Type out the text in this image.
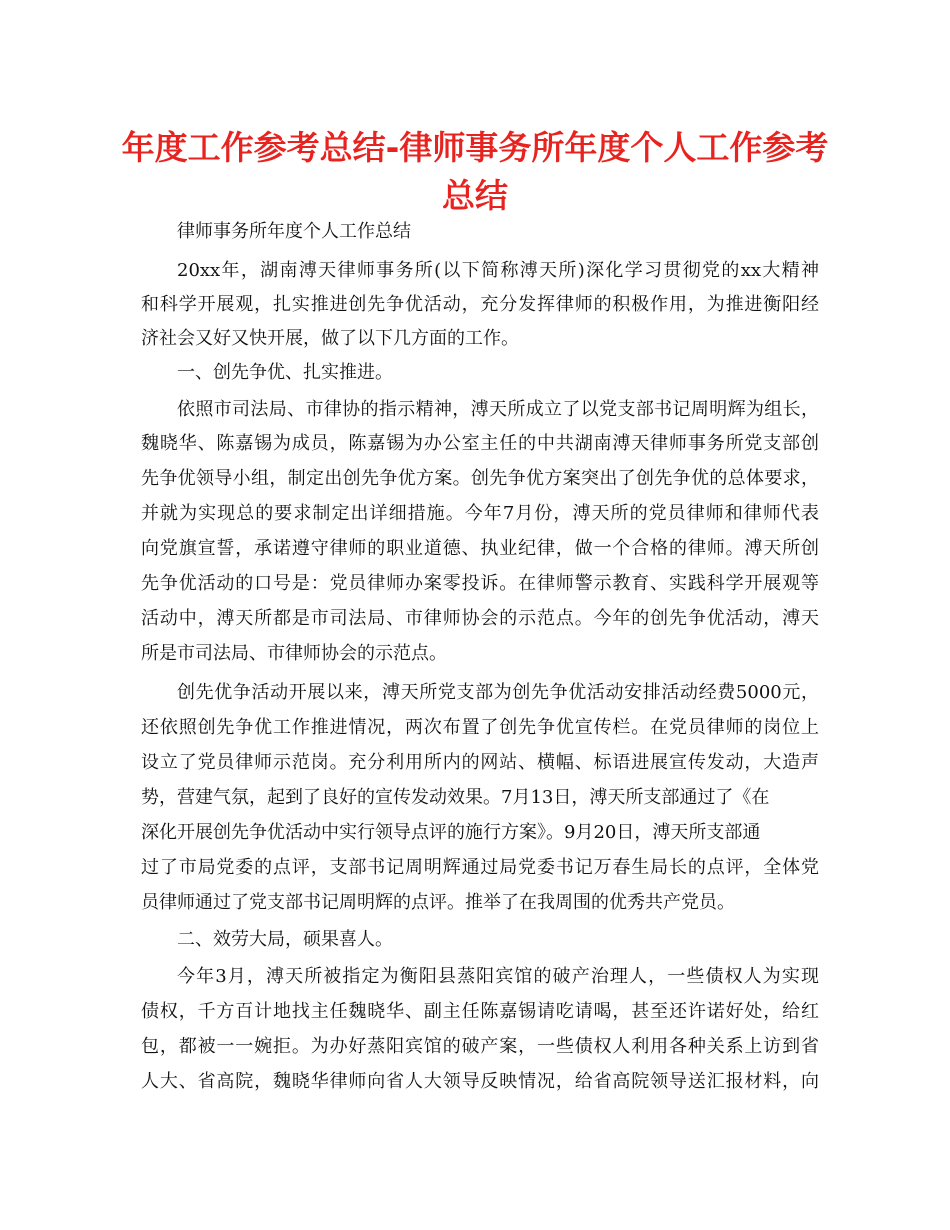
年度工作参考总结-律师事务所年度个人工作参考
总结
律师事务所年度个人工作总结
20xx年，湖南溥天律师事务所(以下简称溥天所)深化学习贯彻党的xx大精神
和科学开展观，扎实推进创先争优活动，充分发挥律师的积极作用，为推进衡阳经
济社会又好又快开展，做了以下几方面的工作。
一、创先争优、扎实推进。
依照市司法局、市律协的指示精神，溥天所成立了以党支部书记周明辉为组长，
魏晓华、陈嘉锡为成员，陈嘉锡为办公室主任的中共湖南溥天律师事务所党支部创
先争优领导小组，制定出创先争优方案。创先争优方案突出了创先争优的总体要求，
并就为实现总的要求制定出详细措施。今年7月份，溥天所的党员律师和律师代表
向党旗宣誓，承诺遵守律师的职业道德、执业纪律，做一个合格的律师。溥天所创
先争优活动的口号是：党员律师办案零投诉。在律师警示教育、实践科学开展观等
活动中，溥天所都是市司法局、市律师协会的示范点。今年的创先争优活动，溥天
所是市司法局、市律师协会的示范点。
创先优争活动开展以来，溥天所党支部为创先争优活动安排活动经费5000元，
还依照创先争优工作推进情况，两次布置了创先争优宣传栏。在党员律师的岗位上
设立了党员律师示范岗。充分利用所内的网站、横幅、标语进展宣传发动，大造声
势，营建气氛，起到了良好的宣传发动效果。7月13日，溥天所支部通过了《在
深化开展创先争优活动中实行领导点评的施行方案》。9月20日，溥天所支部通
过了市局党委的点评，支部书记周明辉通过局党委书记万春生局长的点评，全体党
员律师通过了党支部书记周明辉的点评。推举了在我周围的优秀共产党员。
二、效劳大局，硕果喜人。
今年3月，溥天所被指定为衡阳县蒸阳宾馆的破产治理人，一些债权人为实现
债权，千方百计地找主任魏晓华、副主任陈嘉锡请吃请喝，甚至还许诺好处，给红
包，都被一一婉拒。为办好蒸阳宾馆的破产案，一些债权人利用各种关系上访到省
人大、省高院，魏晓华律师向省人大领导反映情况，给省高院领导送汇报材料，向
